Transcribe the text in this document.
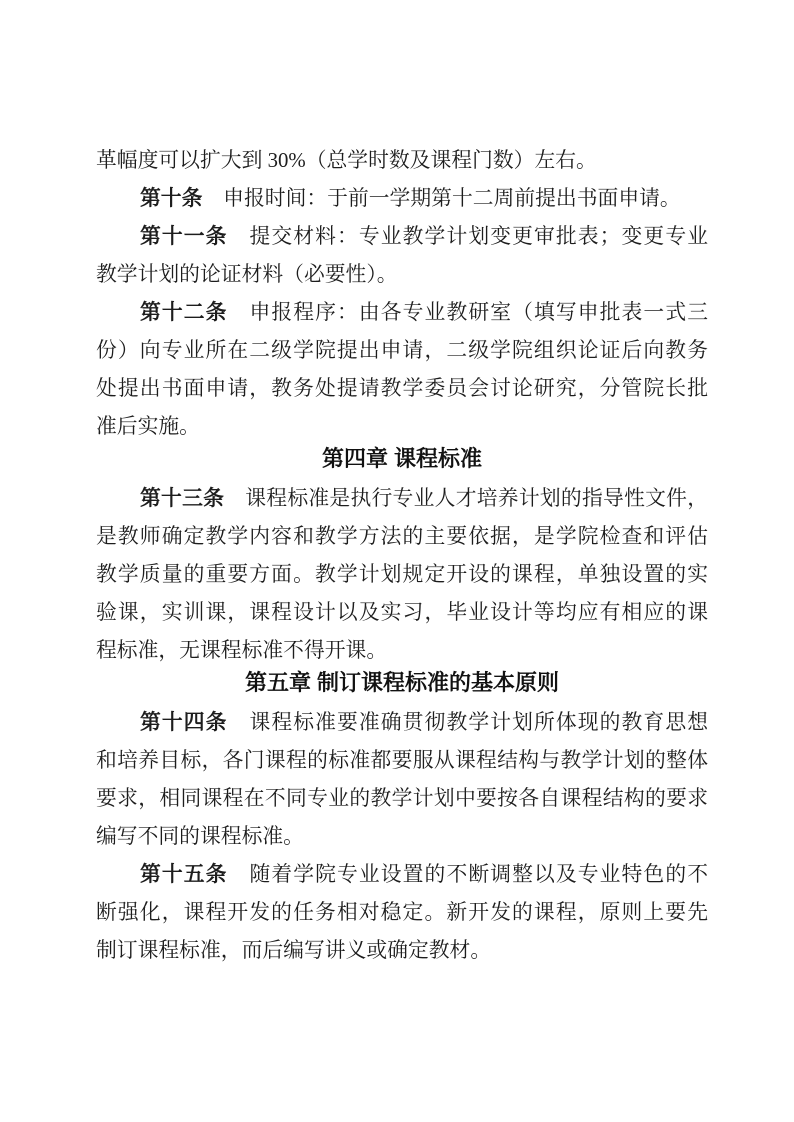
革幅度可以扩大到 30%（总学时数及课程门数）左右。
第十条　申报时间：于前一学期第十二周前提出书面申请。
第十一条　提交材料：专业教学计划变更审批表；变更专业
教学计划的论证材料（必要性）。
第十二条　申报程序：由各专业教研室（填写申批表一式三
份）向专业所在二级学院提出申请，二级学院组织论证后向教务
处提出书面申请，教务处提请教学委员会讨论研究，分管院长批
准后实施。
第四章 课程标准
第十三条　课程标准是执行专业人才培养计划的指导性文件，
是教师确定教学内容和教学方法的主要依据，是学院检查和评估
教学质量的重要方面。教学计划规定开设的课程，单独设置的实
验课，实训课，课程设计以及实习，毕业设计等均应有相应的课
程标准，无课程标准不得开课。
第五章 制订课程标准的基本原则
第十四条　课程标准要准确贯彻教学计划所体现的教育思想
和培养目标，各门课程的标准都要服从课程结构与教学计划的整体
要求，相同课程在不同专业的教学计划中要按各自课程结构的要求
编写不同的课程标准。
第十五条　随着学院专业设置的不断调整以及专业特色的不
断强化，课程开发的任务相对稳定。新开发的课程，原则上要先
制订课程标准，而后编写讲义或确定教材。
